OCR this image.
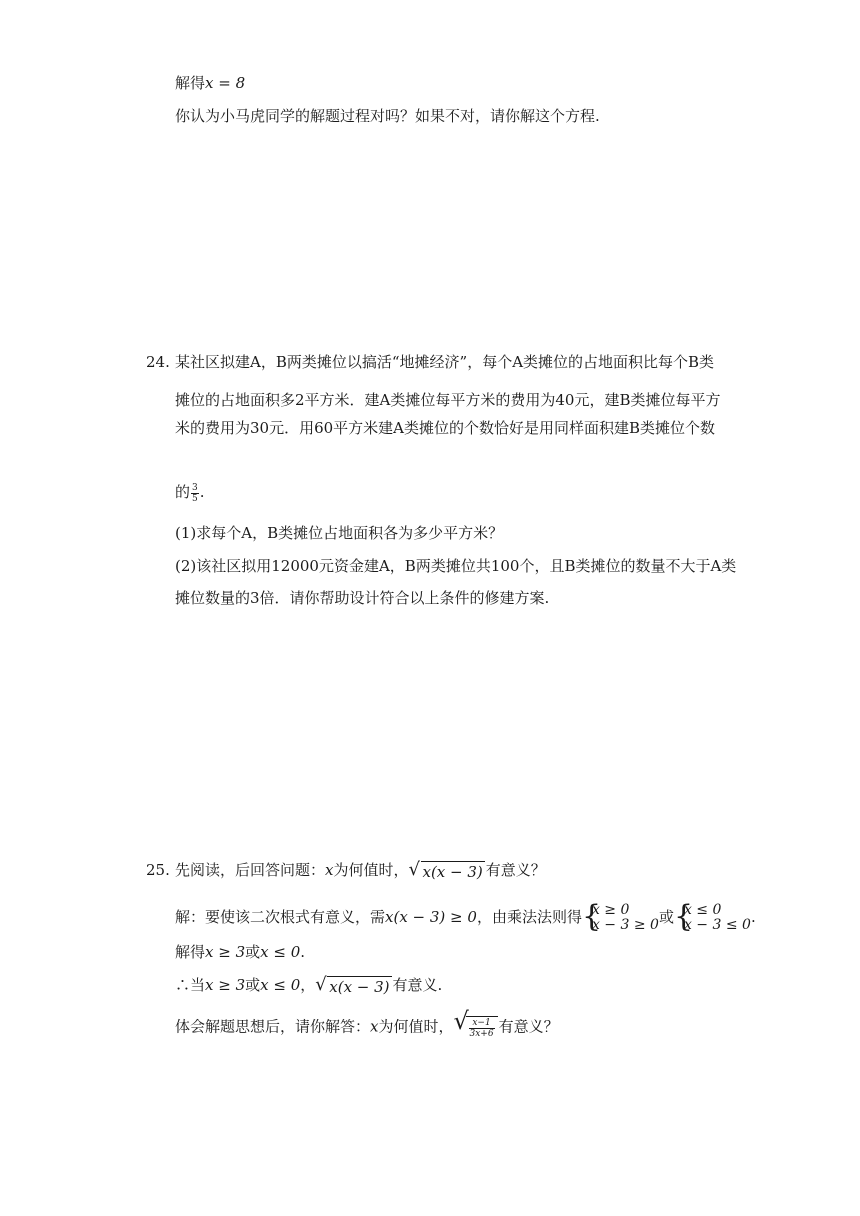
解得x = 8
你认为小马虎同学的解题过程对吗？如果不对，请你解这个方程.
24. 某社区拟建A，B两类摊位以搞活“地摊经济”，每个A类摊位的占地面积比每个B类
摊位的占地面积多2平方米．建A类摊位每平方米的费用为40元，建B类摊位每平方
米的费用为30元．用60平方米建A类摊位的个数恰好是用同样面积建B类摊位个数
的 $\frac{3}{5}$ .
(1)求每个A，B类摊位占地面积各为多少平方米？
(2)该社区拟用12000元资金建A，B两类摊位共100个，且B类摊位的数量不大于A类
摊位数量的3倍．请你帮助设计符合以上条件的修建方案.
25. 先阅读，后回答问题：x为何值时， √ x(x − 3) 有意义？
解：要使该二次根式有意义，需x(x − 3) ≥ 0，由乘法法则得 {
x ≥ 0
x − 3 ≥ 0 或 {
x ≤ 0
x − 3 ≤ 0 .
解得x ≥ 3或x ≤ 0.
∴当x ≥ 3或x ≤ 0， √ x(x − 3) 有意义.
体会解题思想后，请你解答：x为何值时， √ $\frac{x-1}{3x+6}$ 有意义？
